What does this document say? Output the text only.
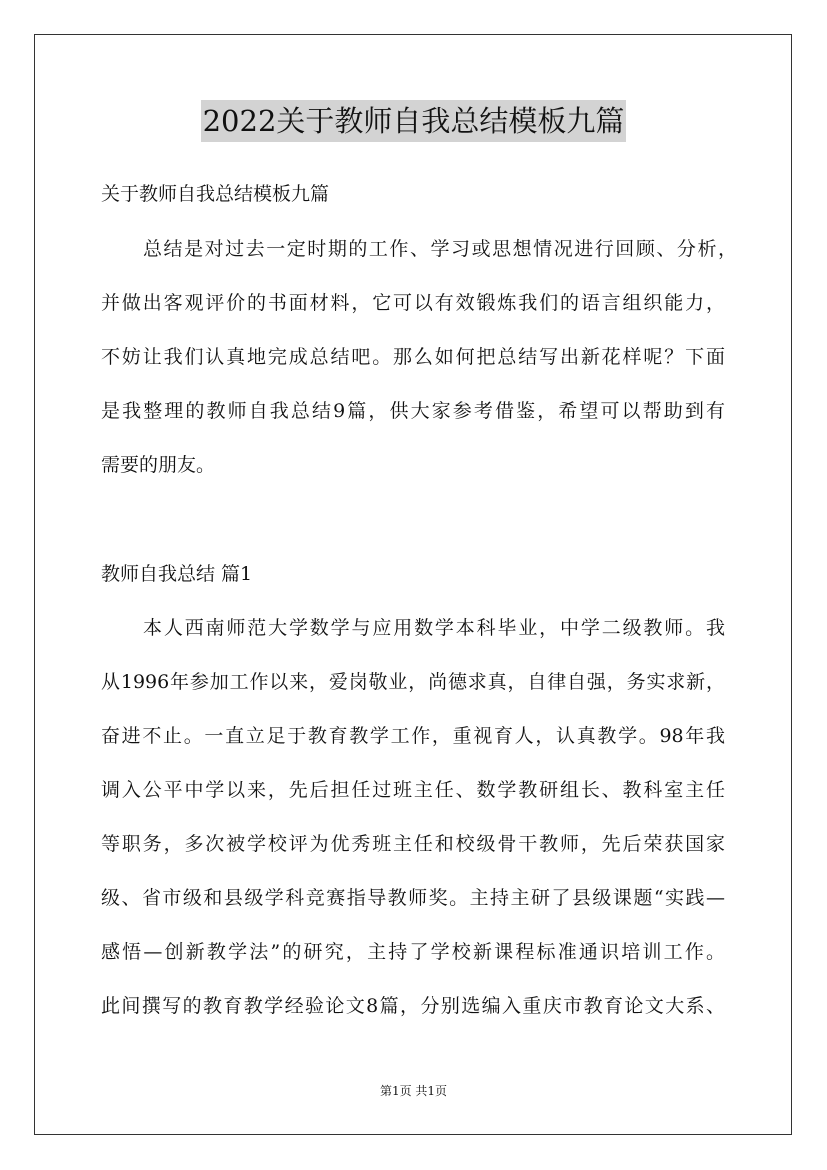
2022关于教师自我总结模板九篇
关于教师自我总结模板九篇
总结是对过去一定时期的工作、学习或思想情况进行回顾、分析，
并做出客观评价的书面材料，它可以有效锻炼我们的语言组织能力，
不妨让我们认真地完成总结吧。那么如何把总结写出新花样呢？下面
是我整理的教师自我总结9篇，供大家参考借鉴，希望可以帮助到有
需要的朋友。
教师自我总结 篇1
本人西南师范大学数学与应用数学本科毕业，中学二级教师。我
从1996年参加工作以来，爱岗敬业，尚德求真，自律自强，务实求新，
奋进不止。一直立足于教育教学工作，重视育人，认真教学。98年我
调入公平中学以来，先后担任过班主任、数学教研组长、教科室主任
等职务，多次被学校评为优秀班主任和校级骨干教师，先后荣获国家
级、省市级和县级学科竞赛指导教师奖。主持主研了县级课题“实践—
感悟—创新教学法”的研究，主持了学校新课程标准通识培训工作。
此间撰写的教育教学经验论文8篇，分别选编入重庆市教育论文大系、
第1页 共1页
